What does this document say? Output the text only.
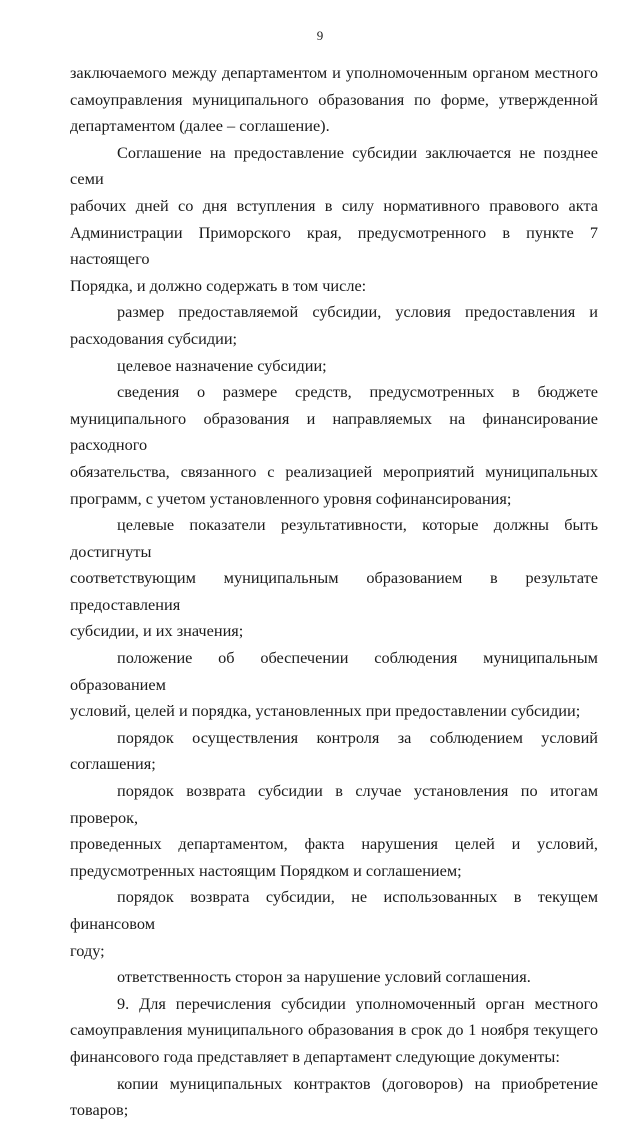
9

заключаемого между департаментом и уполномоченным органом местного

самоуправления муниципального образования по форме, утвержденной

департаментом (далее – соглашение).

Соглашение на предоставление субсидии заключается не позднее семи

рабочих дней со дня вступления в силу нормативного правового акта

Администрации Приморского края, предусмотренного в пункте 7 настоящего

Порядка, и должно содержать в том числе:

размер предоставляемой субсидии, условия предоставления и

расходования субсидии;

целевое назначение субсидии;

сведения о размере средств, предусмотренных в бюджете

муниципального образования и направляемых на финансирование расходного

обязательства, связанного с реализацией мероприятий муниципальных

программ, с учетом установленного уровня софинансирования;

целевые показатели результативности, которые должны быть достигнуты

соответствующим муниципальным образованием в результате предоставления

субсидии, и их значения;

положение об обеспечении соблюдения муниципальным образованием

условий, целей и порядка, установленных при предоставлении субсидии;

порядок осуществления контроля за соблюдением условий соглашения;

порядок возврата субсидии в случае установления по итогам проверок,

проведенных департаментом, факта нарушения целей и условий,

предусмотренных настоящим Порядком и соглашением;

порядок возврата субсидии, не использованных в текущем финансовом

году;

ответственность сторон за нарушение условий соглашения.

9. Для перечисления субсидии уполномоченный орган местного

самоуправления муниципального образования в срок до 1 ноября текущего

финансового года представляет в департамент следующие документы:

копии муниципальных контрактов (договоров) на приобретение товаров;
